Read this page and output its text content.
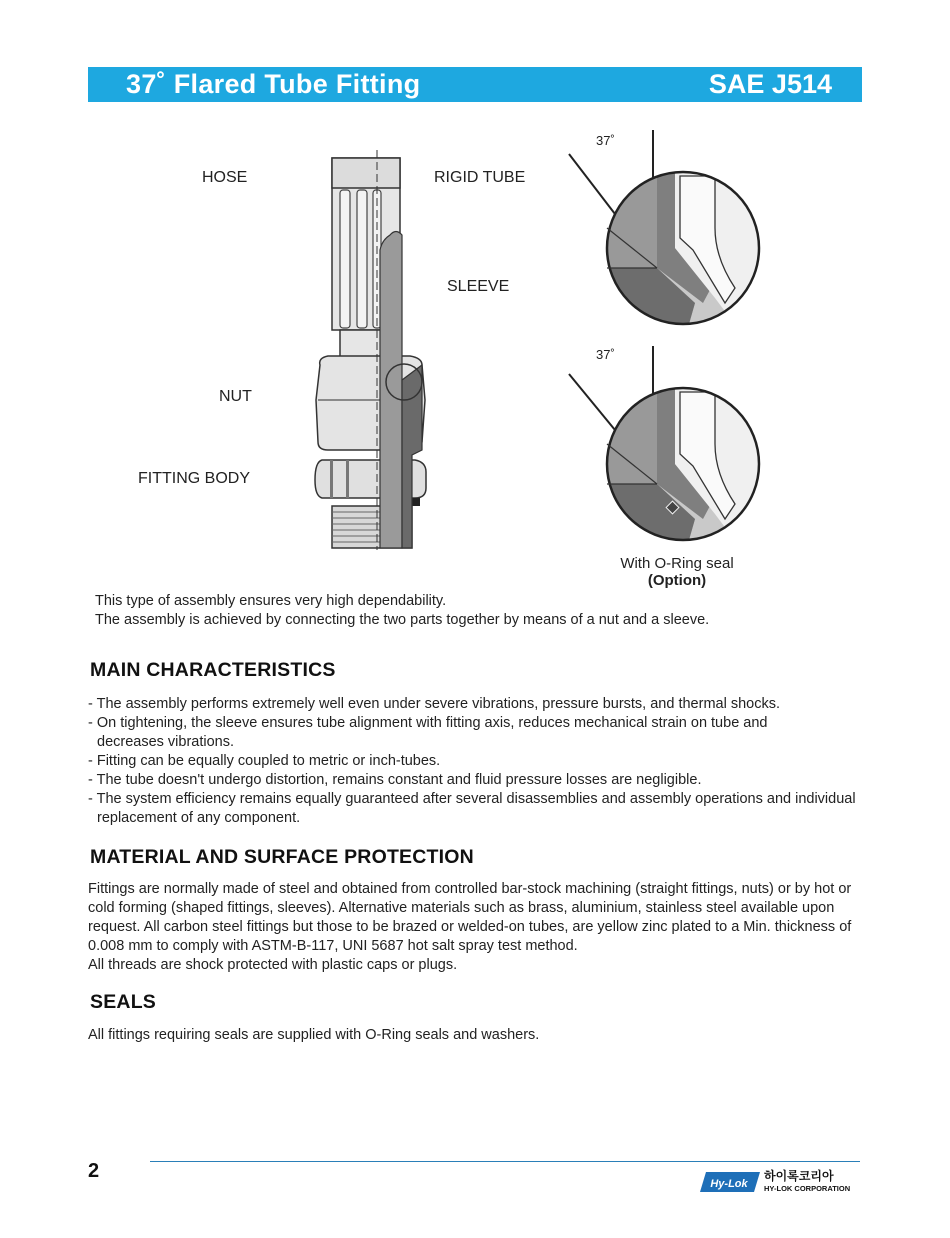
37˚ Flared Tube Fitting	SAE J514
HOSE	RIGID TUBE
SLEEVE
NUT
FITTING BODY
37˚
37˚
With O-Ring seal
(Option)
This type of assembly ensures very high dependability.
The assembly is achieved by connecting the two parts together by means of a nut and a sleeve.
MAIN CHARACTERISTICS
- The assembly performs extremely well even under severe vibrations, pressure bursts, and thermal shocks.
- On tightening, the sleeve ensures tube alignment with fitting axis, reduces mechanical strain on tube and decreases vibrations.
- Fitting can be equally coupled to metric or inch-tubes.
- The tube doesn't undergo distortion, remains constant and fluid pressure losses are negligible.
- The system efficiency remains equally guaranteed after several disassemblies and assembly operations and individual replacement of any component.
MATERIAL AND SURFACE PROTECTION
Fittings are normally made of steel and obtained from controlled bar-stock machining (straight fittings, nuts) or by hot or cold forming (shaped fittings, sleeves). Alternative materials such as brass, aluminium, stainless steel available upon request. All carbon steel fittings but those to be brazed or welded-on tubes, are yellow zinc plated to a Min. thickness of 0.008 mm to comply with ASTM-B-117, UNI 5687 hot salt spray test method.
All threads are shock protected with plastic caps or plugs.
SEALS
All fittings requiring seals are supplied with O-Ring seals and washers.
2
Hy-Lok
하이록코리아
HY-LOK CORPORATION
